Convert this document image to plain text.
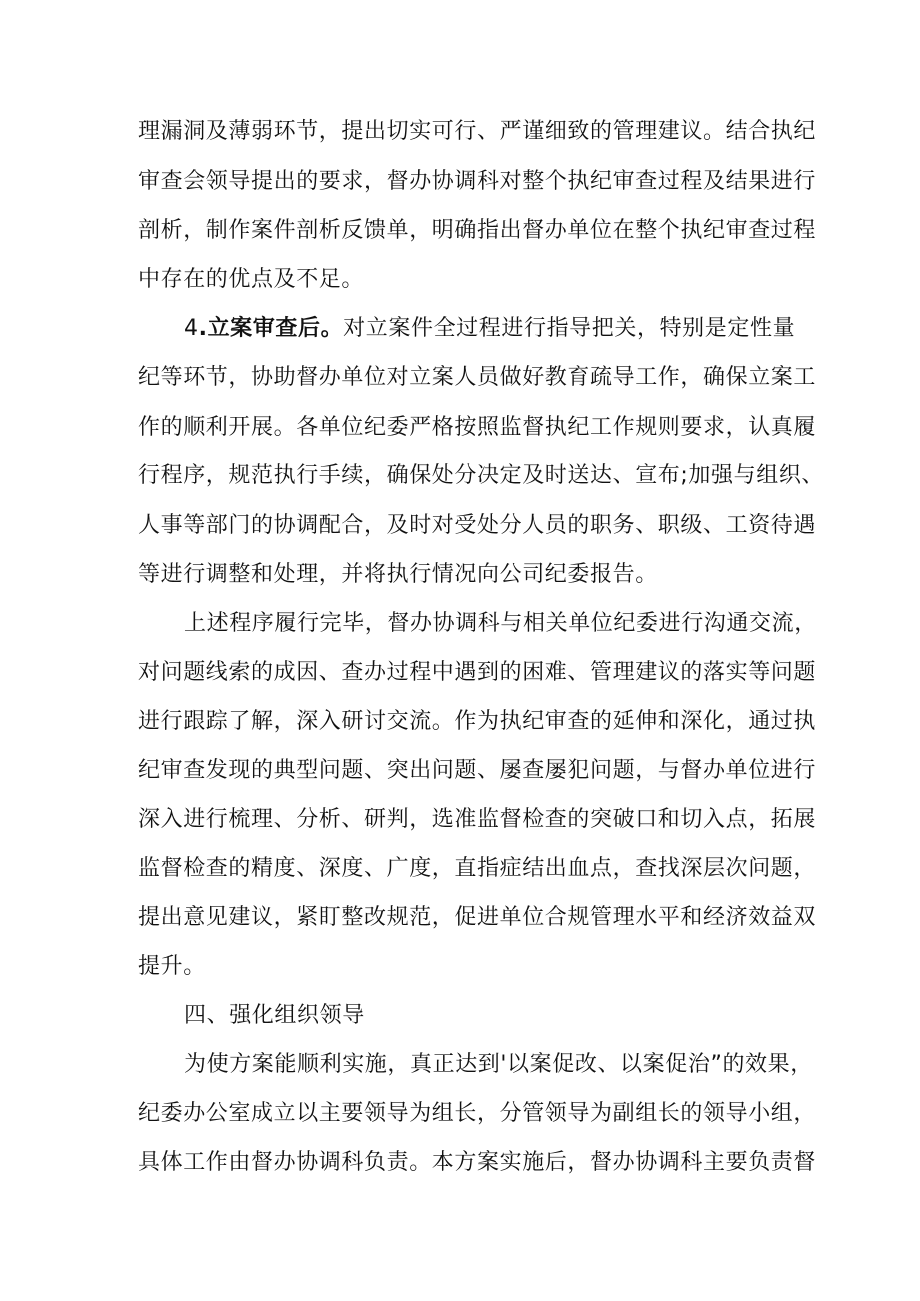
理漏洞及薄弱环节，提出切实可行、严谨细致的管理建议。结合执纪
审查会领导提出的要求，督办协调科对整个执纪审查过程及结果进行
剖析，制作案件剖析反馈单，明确指出督办单位在整个执纪审查过程
中存在的优点及不足。
4.立案审查后。对立案件全过程进行指导把关，特别是定性量
纪等环节，协助督办单位对立案人员做好教育疏导工作，确保立案工
作的顺利开展。各单位纪委严格按照监督执纪工作规则要求，认真履
行程序，规范执行手续，确保处分决定及时送达、宣布;加强与组织、
人事等部门的协调配合，及时对受处分人员的职务、职级、工资待遇
等进行调整和处理，并将执行情况向公司纪委报告。
上述程序履行完毕，督办协调科与相关单位纪委进行沟通交流，
对问题线索的成因、查办过程中遇到的困难、管理建议的落实等问题
进行跟踪了解，深入研讨交流。作为执纪审查的延伸和深化，通过执
纪审查发现的典型问题、突出问题、屡查屡犯问题，与督办单位进行
深入进行梳理、分析、研判，选准监督检查的突破口和切入点，拓展
监督检查的精度、深度、广度，直指症结出血点，查找深层次问题，
提出意见建议，紧盯整改规范，促进单位合规管理水平和经济效益双
提升。
四、强化组织领导
为使方案能顺利实施，真正达到'以案促改、以案促治”的效果，
纪委办公室成立以主要领导为组长，分管领导为副组长的领导小组，
具体工作由督办协调科负责。本方案实施后，督办协调科主要负责督
